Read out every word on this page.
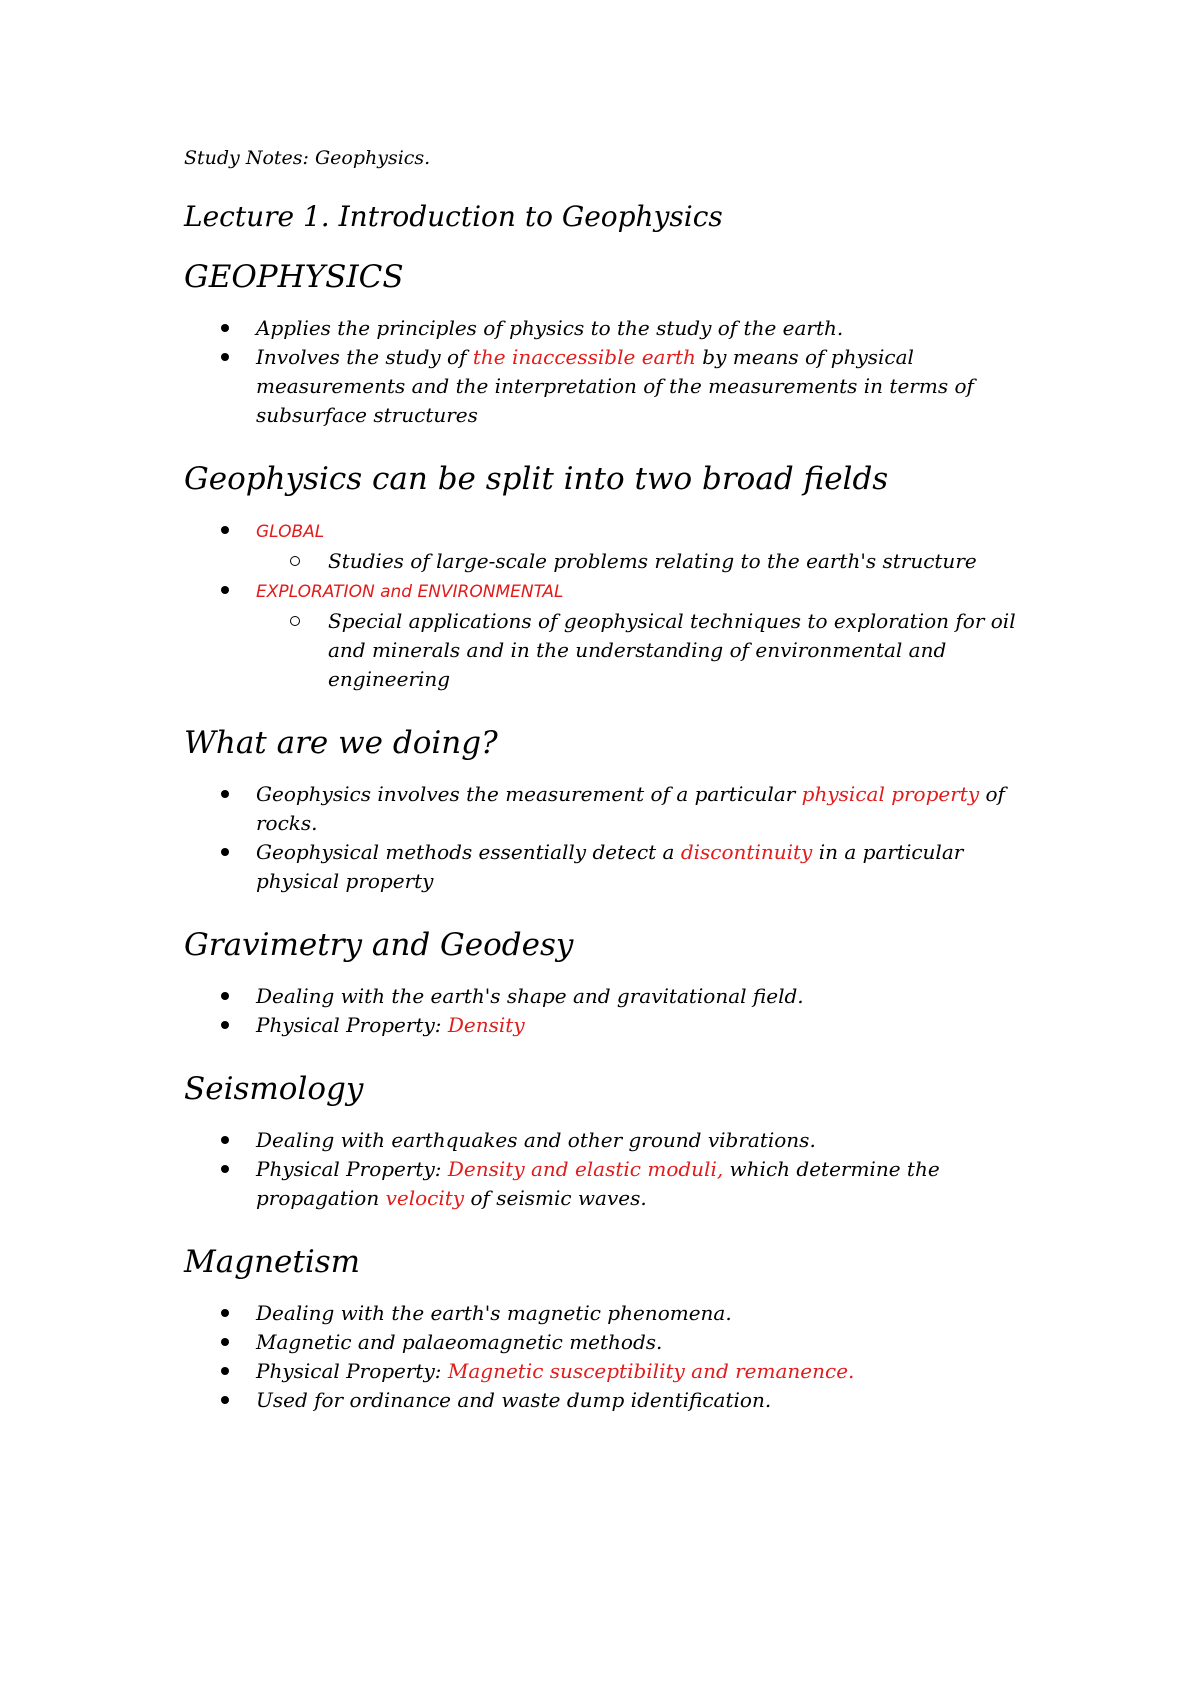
Study Notes: Geophysics.
Lecture 1. Introduction to Geophysics
GEOPHYSICS
Applies the principles of physics to the study of the earth.
Involves the study of the inaccessible earth by means of physical measurements and the interpretation of the measurements in terms of subsurface structures
Geophysics can be split into two broad fields
GLOBAL
Studies of large-scale problems relating to the earth's structure
EXPLORATION and ENVIRONMENTAL
Special applications of geophysical techniques to exploration for oil and minerals and in the understanding of environmental and engineering
What are we doing?
Geophysics involves the measurement of a particular physical property of rocks.
Geophysical methods essentially detect a discontinuity in a particular physical property
Gravimetry and Geodesy
Dealing with the earth's shape and gravitational field.
Physical Property: Density
Seismology
Dealing with earthquakes and other ground vibrations.
Physical Property: Density and elastic moduli, which determine the propagation velocity of seismic waves.
Magnetism
Dealing with the earth's magnetic phenomena.
Magnetic and palaeomagnetic methods.
Physical Property: Magnetic susceptibility and remanence.
Used for ordinance and waste dump identification.
